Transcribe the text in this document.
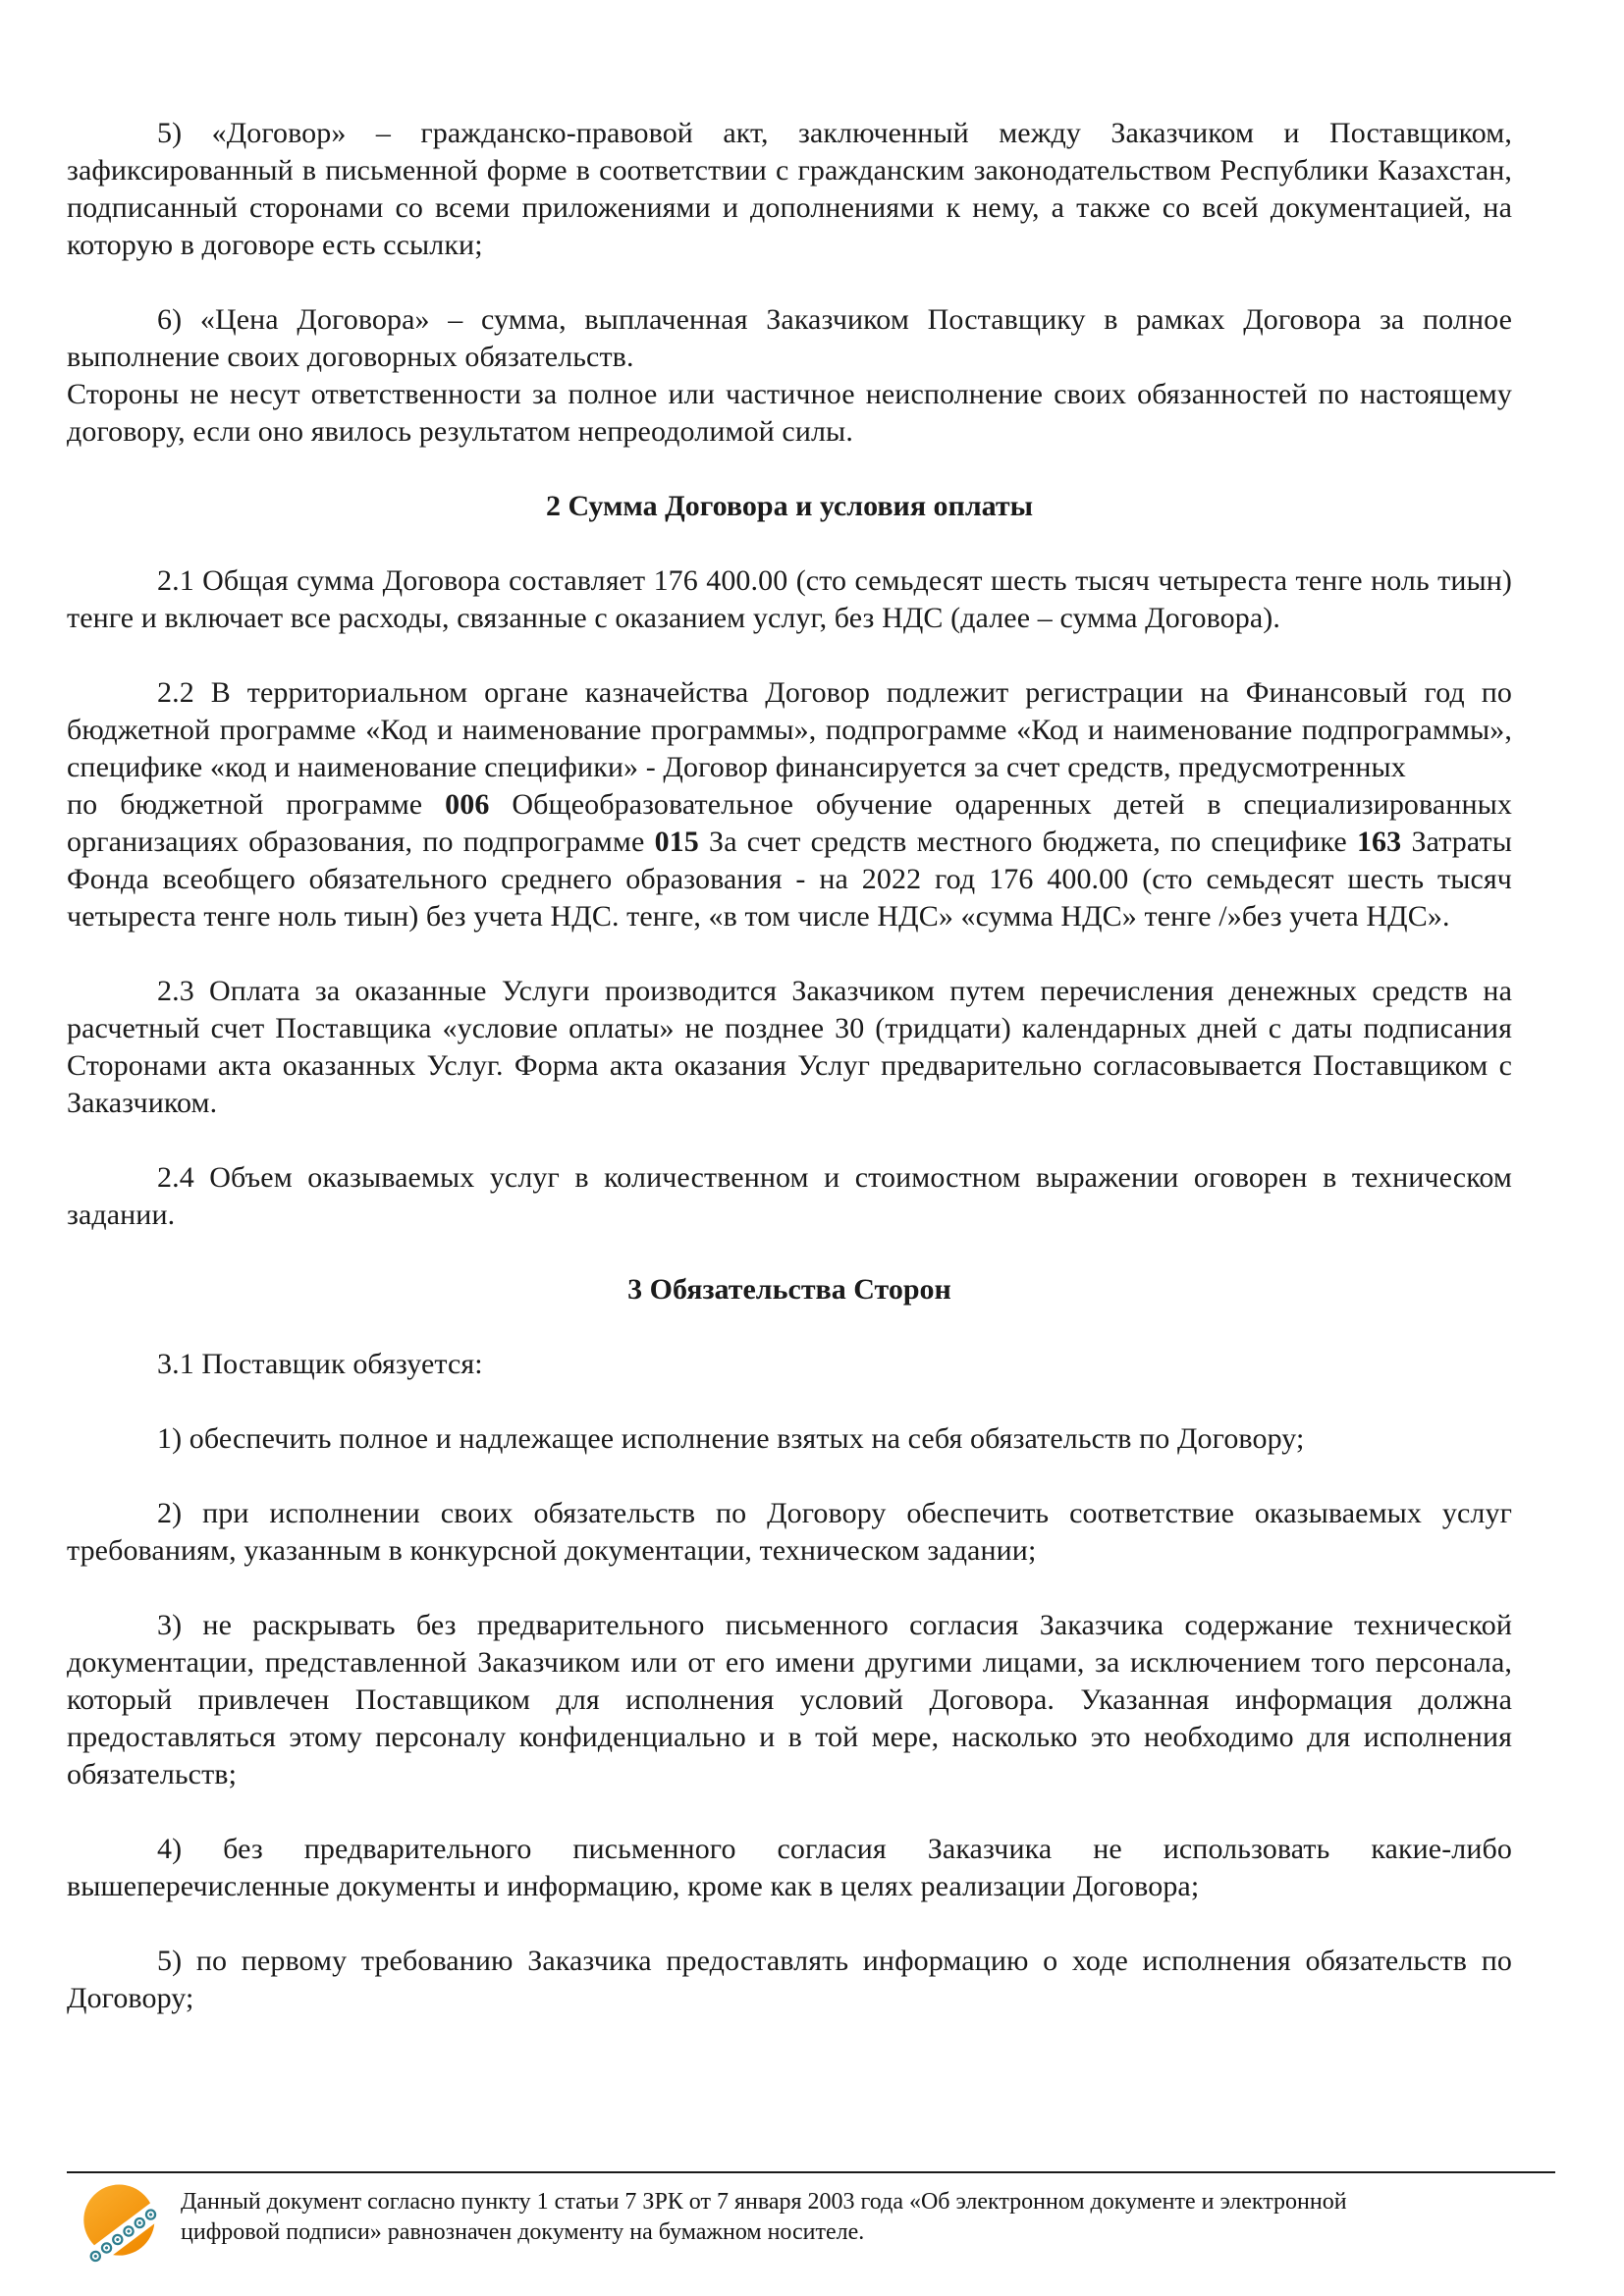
5) «Договор» – гражданско-правовой акт, заключенный между Заказчиком и Поставщиком, зафиксированный в письменной форме в соответствии с гражданским законодательством Республики Казахстан, подписанный сторонами со всеми приложениями и дополнениями к нему, а также со всей документацией, на которую в договоре есть ссылки;

6) «Цена Договора» – сумма, выплаченная Заказчиком Поставщику в рамках Договора за полное выполнение своих договорных обязательств.

Стороны не несут ответственности за полное или частичное неисполнение своих обязанностей по настоящему договору, если оно явилось результатом непреодолимой силы.

2 Сумма Договора и условия оплаты

2.1 Общая сумма Договора составляет 176 400.00 (сто семьдесят шесть тысяч четыреста тенге ноль тиын) тенге и включает все расходы, связанные с оказанием услуг, без НДС (далее – сумма Договора).

2.2 В территориальном органе казначейства Договор подлежит регистрации на Финансовый год по бюджетной программе «Код и наименование программы», подпрограмме «Код и наименование подпрограммы», специфике «код и наименование специфики» - Договор финансируется за счет средств, предусмотренных

по бюджетной программе 006 Общеобразовательное обучение одаренных детей в специализированных организациях образования, по подпрограмме 015 За счет средств местного бюджета, по специфике 163 Затраты Фонда всеобщего обязательного среднего образования - на 2022 год 176 400.00 (сто семьдесят шесть тысяч четыреста тенге ноль тиын) без учета НДС. тенге, «в том числе НДС» «сумма НДС» тенге /»без учета НДС».

2.3 Оплата за оказанные Услуги производится Заказчиком путем перечисления денежных средств на расчетный счет Поставщика «условие оплаты» не позднее 30 (тридцати) календарных дней с даты подписания Сторонами акта оказанных Услуг. Форма акта оказания Услуг предварительно согласовывается Поставщиком с Заказчиком.

2.4 Объем оказываемых услуг в количественном и стоимостном выражении оговорен в техническом задании.

3 Обязательства Сторон

3.1 Поставщик обязуется:

1) обеспечить полное и надлежащее исполнение взятых на себя обязательств по Договору;

2) при исполнении своих обязательств по Договору обеспечить соответствие оказываемых услуг требованиям, указанным в конкурсной документации, техническом задании;

3) не раскрывать без предварительного письменного согласия Заказчика содержание технической документации, представленной Заказчиком или от его имени другими лицами, за исключением того персонала, который привлечен Поставщиком для исполнения условий Договора. Указанная информация должна предоставляться этому персоналу конфиденциально и в той мере, насколько это необходимо для исполнения обязательств;

4) без предварительного письменного согласия Заказчика не использовать какие-либо вышеперечисленные документы и информацию, кроме как в целях реализации Договора;

5) по первому требованию Заказчика предоставлять информацию о ходе исполнения обязательств по Договору;

Данный документ согласно пункту 1 статьи 7 ЗРК от 7 января 2003 года «Об электронном документе и электронной цифровой подписи» равнозначен документу на бумажном носителе.
